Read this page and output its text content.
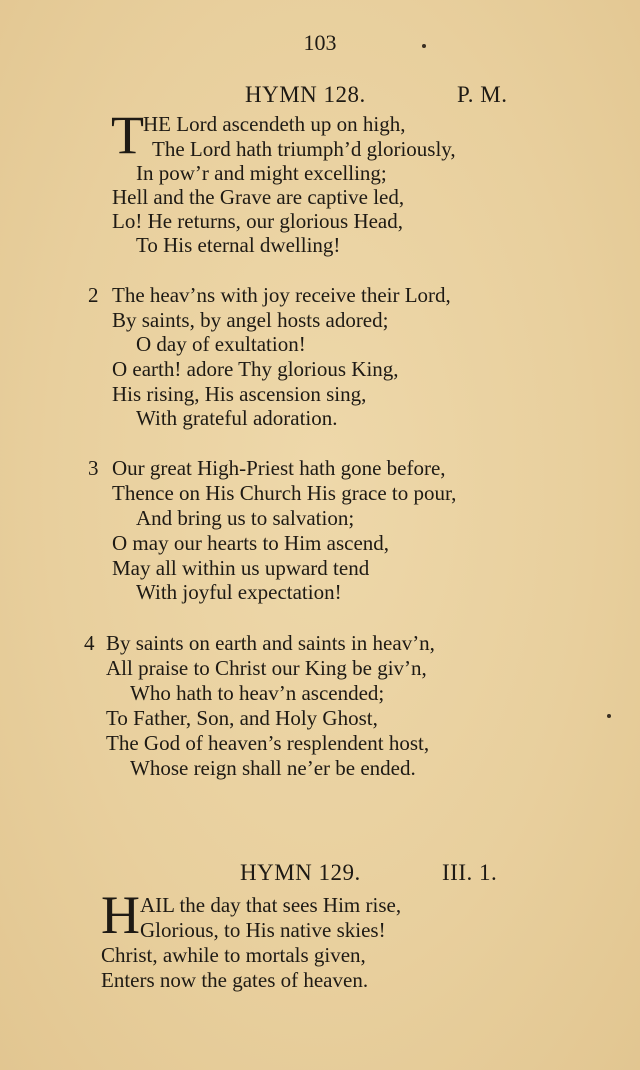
103
HYMN 128.	P. M.
T HE Lord ascendeth up on high,
The Lord hath triumph’d gloriously,
In pow’r and might excelling;
Hell and the Grave are captive led,
Lo! He returns, our glorious Head,
To His eternal dwelling!
2 The heav’ns with joy receive their Lord,
By saints, by angel hosts adored;
O day of exultation!
O earth! adore Thy glorious King,
His rising, His ascension sing,
With grateful adoration.
3 Our great High-Priest hath gone before,
Thence on His Church His grace to pour,
And bring us to salvation;
O may our hearts to Him ascend,
May all within us upward tend
With joyful expectation!
4 By saints on earth and saints in heav’n,
All praise to Christ our King be giv’n,
Who hath to heav’n ascended;
To Father, Son, and Holy Ghost,
The God of heaven’s resplendent host,
Whose reign shall ne’er be ended.
HYMN 129.	III. 1.
H AIL the day that sees Him rise,
Glorious, to His native skies!
Christ, awhile to mortals given,
Enters now the gates of heaven.
